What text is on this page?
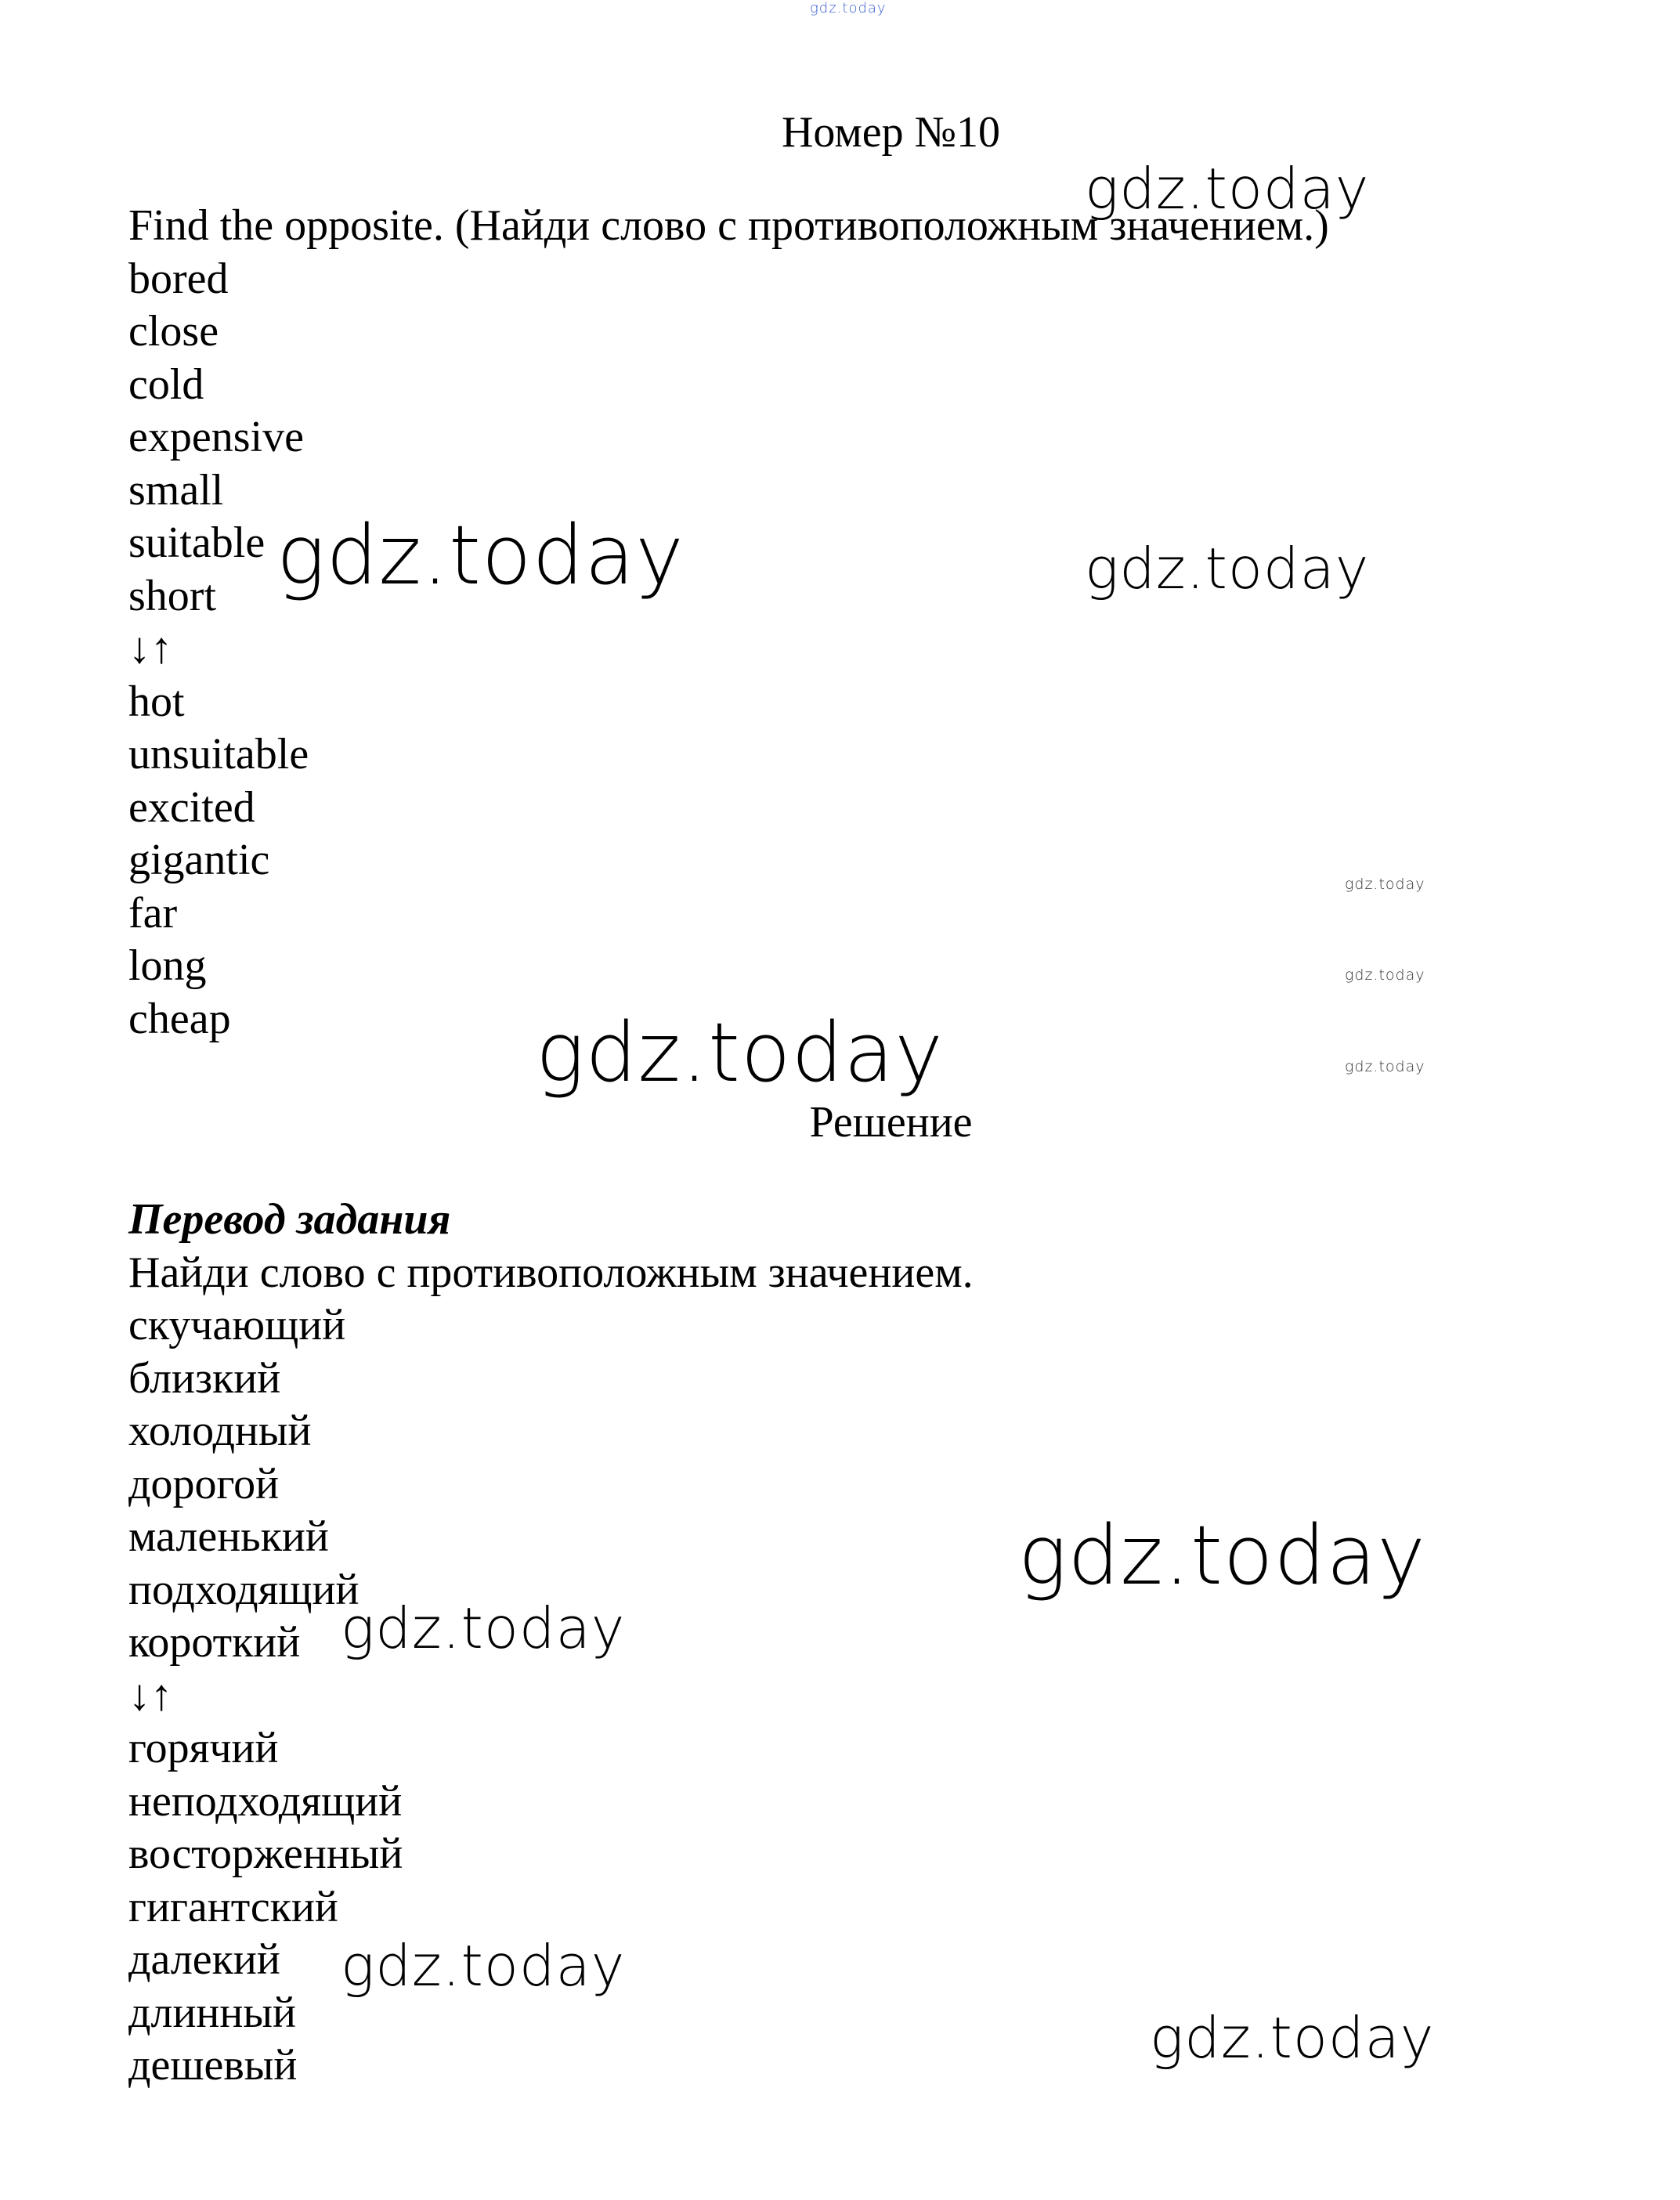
gdz.today
Номер №10
Find the opposite. (Найди слово с противоположным значением.)
bored
close
cold
expensive
small
suitable
short
↓↑
hot
unsuitable
excited
gigantic
far
long
cheap
Решение
Перевод задания
Найди слово с противоположным значением.
скучающий
близкий
холодный
дорогой
маленький
подходящий
короткий
↓↑
горячий
неподходящий
восторженный
гигантский
далекий
длинный
дешевый
gdz.today
gdz.today	gdz.today
gdz.today
gdz.today
gdz.today	gdz.today
gdz.today
gdz.today
gdz.today
gdz.today
